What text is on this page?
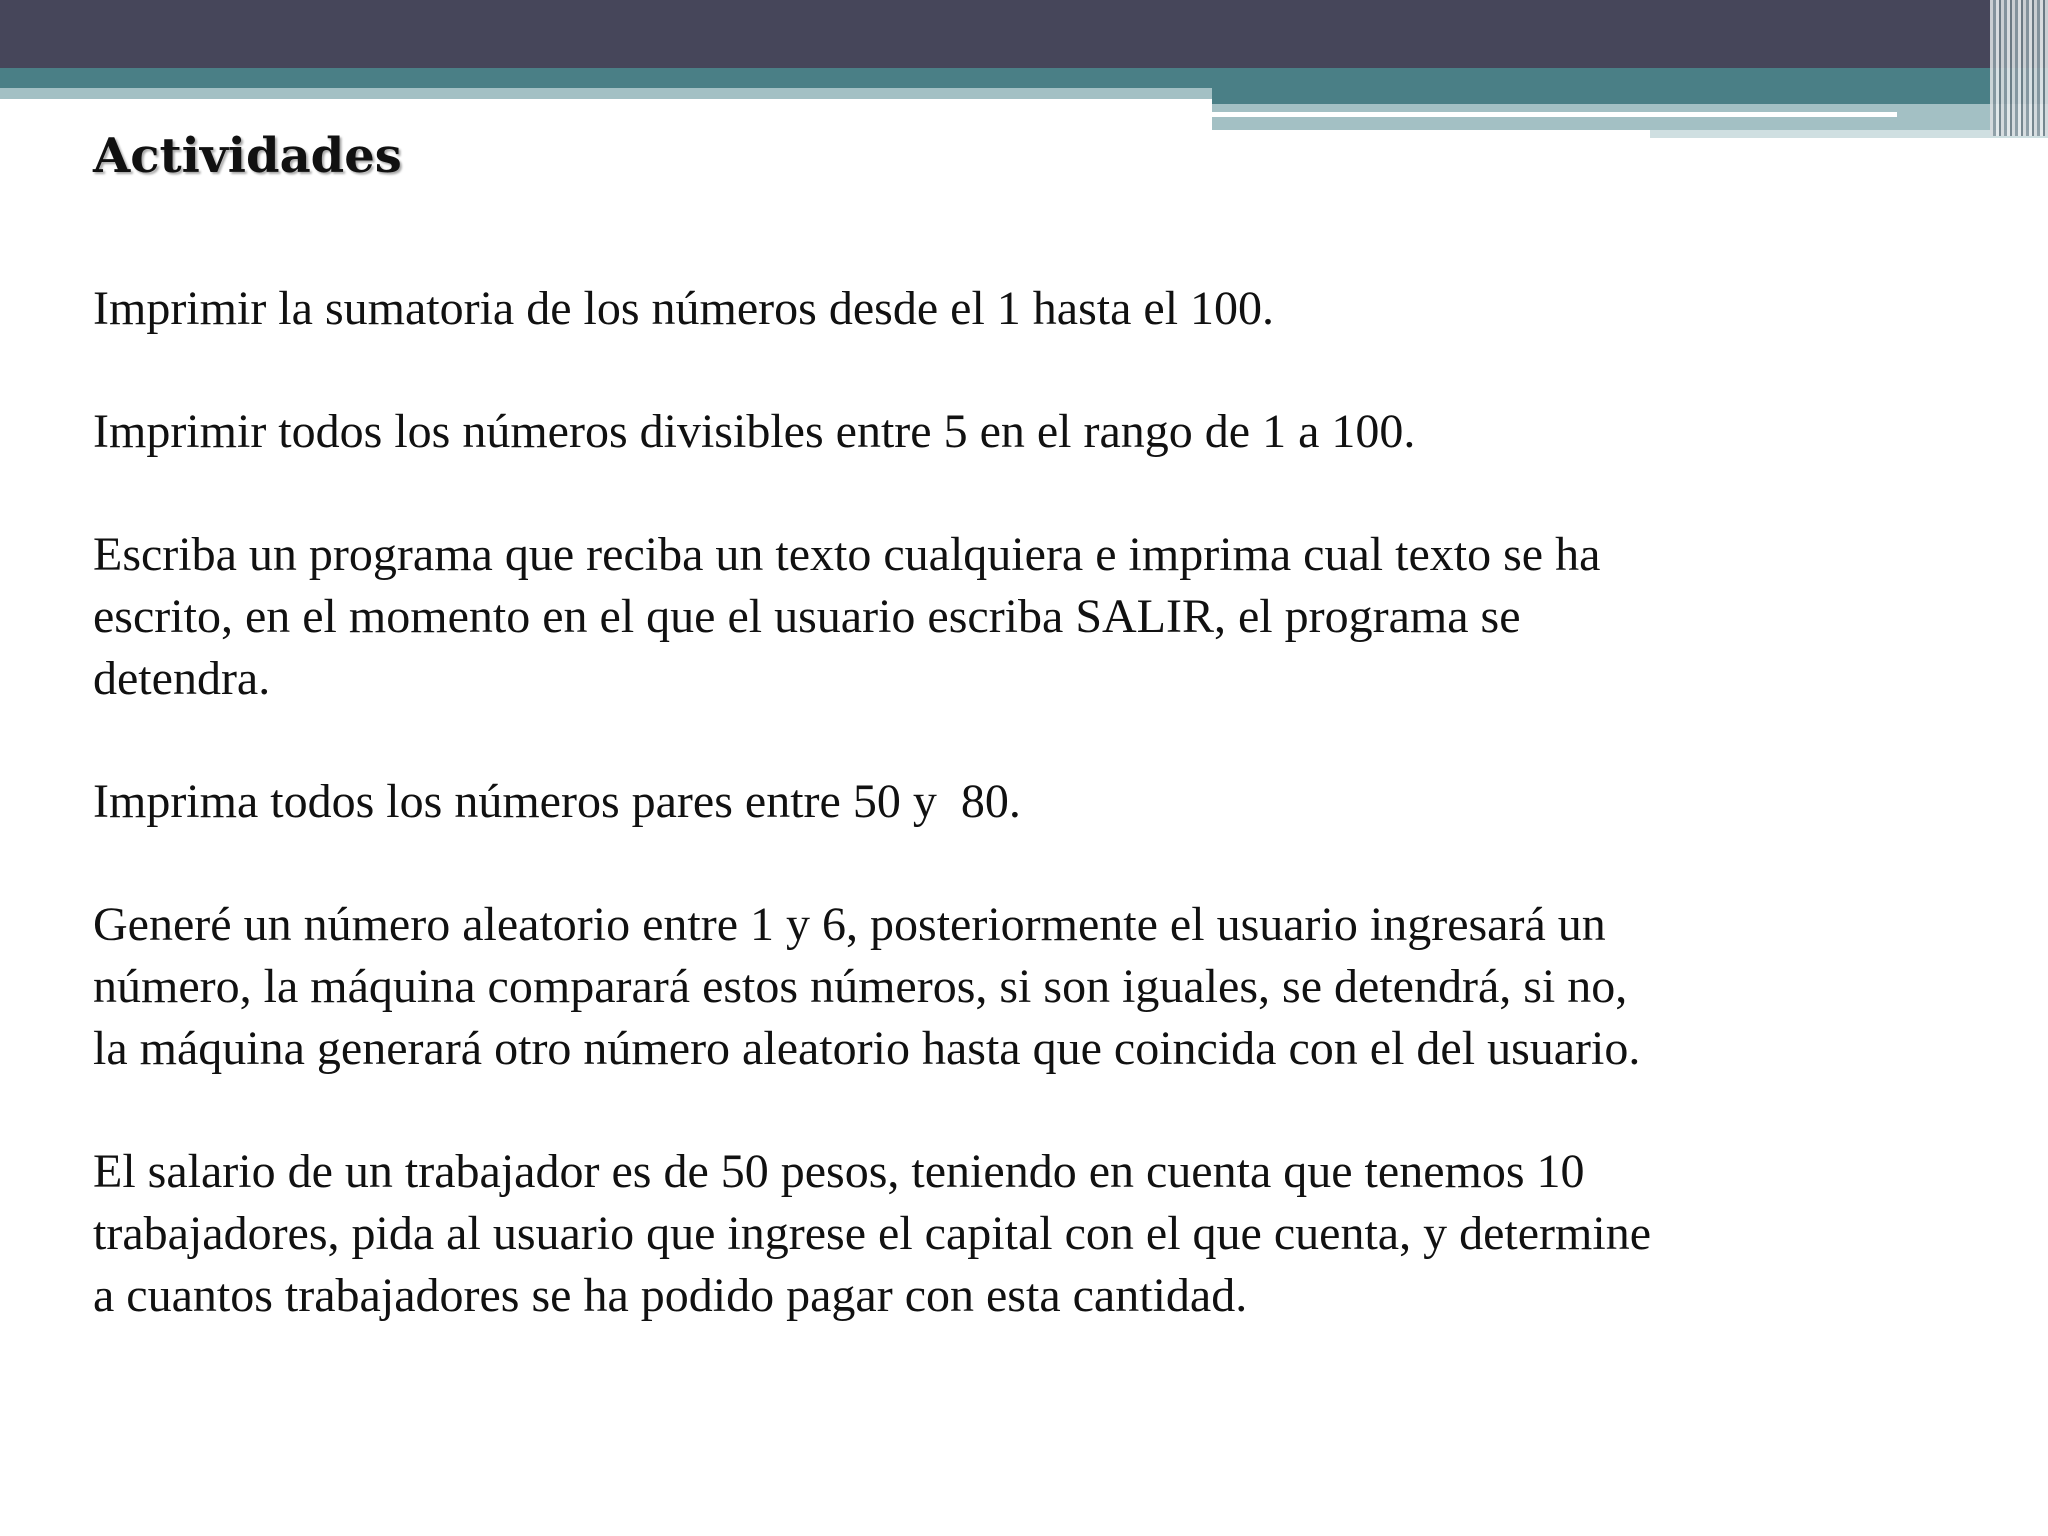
Actividades

Imprimir la sumatoria de los números desde el 1 hasta el 100.

Imprimir todos los números divisibles entre 5 en el rango de 1 a 100.

Escriba un programa que reciba un texto cualquiera e imprima cual texto se ha
escrito, en el momento en el que el usuario escriba SALIR, el programa se
detendra.

Imprima todos los números pares entre 50 y  80.

Generé un número aleatorio entre 1 y 6, posteriormente el usuario ingresará un
número, la máquina comparará estos números, si son iguales, se detendrá, si no,
la máquina generará otro número aleatorio hasta que coincida con el del usuario.

El salario de un trabajador es de 50 pesos, teniendo en cuenta que tenemos 10
trabajadores, pida al usuario que ingrese el capital con el que cuenta, y determine
a cuantos trabajadores se ha podido pagar con esta cantidad.
